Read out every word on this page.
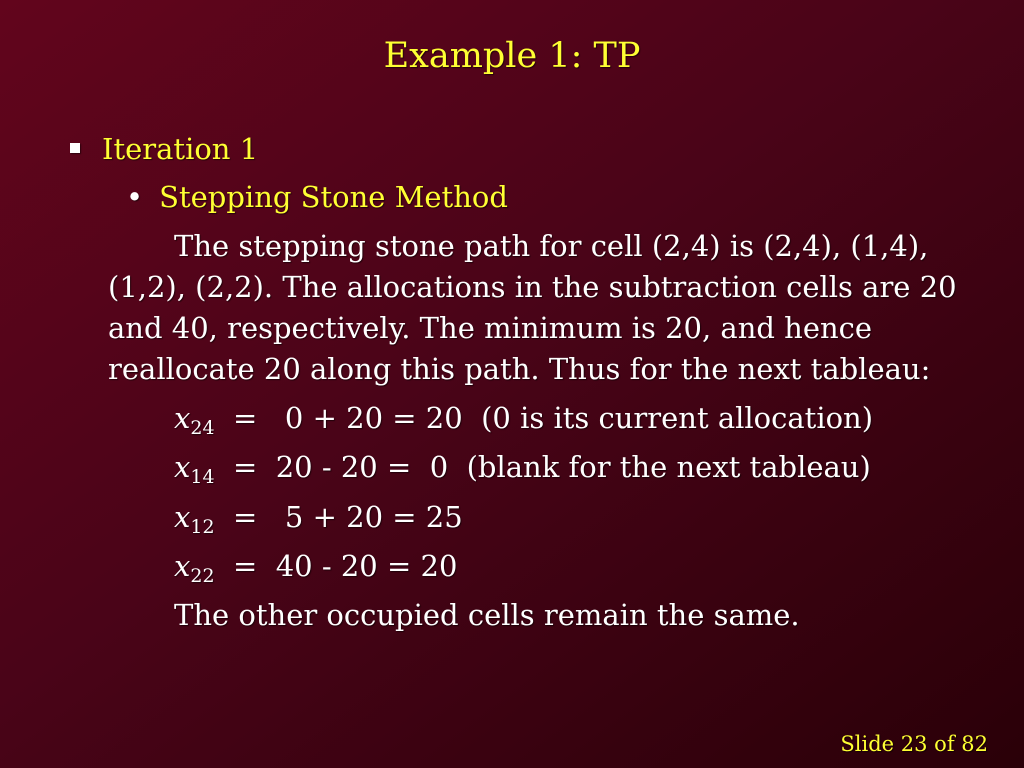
Example 1: TP
Iteration 1
• Stepping Stone Method
The stepping stone path for cell (2,4) is (2,4), (1,4), (1,2), (2,2). The allocations in the subtraction cells are 20 and 40, respectively. The minimum is 20, and hence reallocate 20 along this path. Thus for the next tableau:
$x_{24} = 0 + 20 = 20$  (0 is its current allocation)
$x_{14} = 20 - 20 = 0$  (blank for the next tableau)
$x_{12} = 5 + 20 = 25$
$x_{22} = 40 - 20 = 20$
The other occupied cells remain the same.
Slide 23 of 82
